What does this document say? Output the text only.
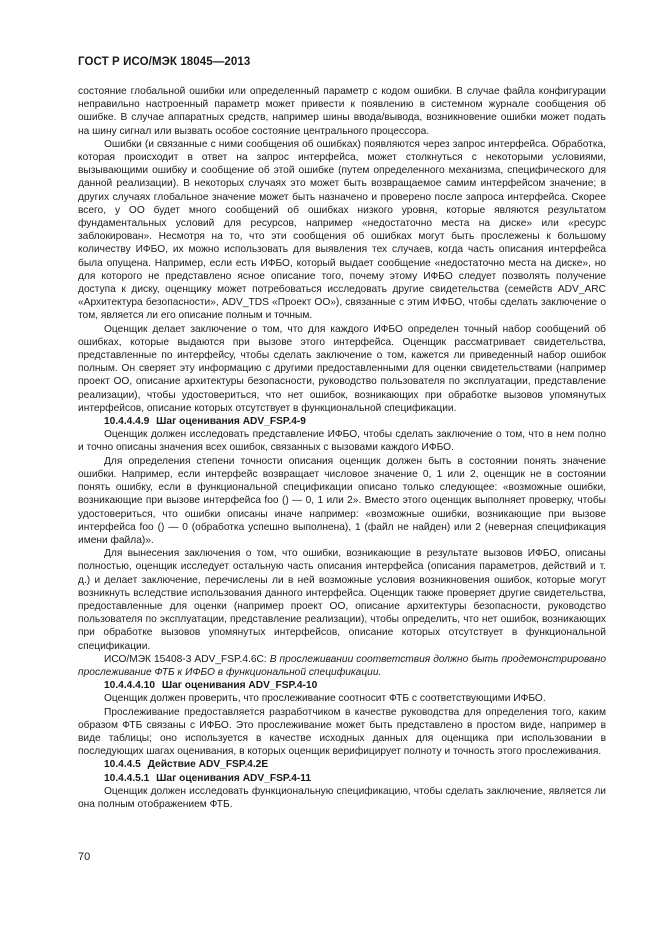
ГОСТ Р ИСО/МЭК 18045—2013

состояние глобальной ошибки или определенный параметр с кодом ошибки. В случае файла конфигурации неправильно настроенный параметр может привести к появлению в системном журнале сообщения об ошибке. В случае аппаратных средств, например шины ввода/вывода, возникновение ошибки может подать на шину сигнал или вызвать особое состояние центрального процессора.

Ошибки (и связанные с ними сообщения об ошибках) появляются через запрос интерфейса. Обработка, которая происходит в ответ на запрос интерфейса, может столкнуться с некоторыми условиями, вызывающими ошибку и сообщение об этой ошибке (путем определенного механизма, специфического для данной реализации). В некоторых случаях это может быть возвращаемое самим интерфейсом значение; в других случаях глобальное значение может быть назначено и проверено после запроса интерфейса. Скорее всего, у ОО будет много сообщений об ошибках низкого уровня, которые являются результатом фундаментальных условий для ресурсов, например «недостаточно места на диске» или «ресурс заблокирован». Несмотря на то, что эти сообщения об ошибках могут быть прослежены к большому количеству ИФБО, их можно использовать для выявления тех случаев, когда часть описания интерфейса была опущена. Например, если есть ИФБО, который выдает сообщение «недостаточно места на диске», но для которого не представлено ясное описание того, почему этому ИФБО следует позволять получение доступа к диску, оценщику может потребоваться исследовать другие свидетельства (семейств ADV_ARC «Архитектура безопасности», ADV_TDS «Проект ОО»), связанные с этим ИФБО, чтобы сделать заключение о том, является ли его описание полным и точным.

Оценщик делает заключение о том, что для каждого ИФБО определен точный набор сообщений об ошибках, которые выдаются при вызове этого интерфейса. Оценщик рассматривает свидетельства, представленные по интерфейсу, чтобы сделать заключение о том, кажется ли приведенный набор ошибок полным. Он сверяет эту информацию с другими предоставленными для оценки свидетельствами (например проект ОО, описание архитектуры безопасности, руководство пользователя по эксплуатации, представление реализации), чтобы удостовериться, что нет ошибок, возникающих при обработке вызовов упомянутых интерфейсов, описание которых отсутствует в функциональной спецификации.

10.4.4.4.9 Шаг оценивания ADV_FSP.4-9

Оценщик должен исследовать представление ИФБО, чтобы сделать заключение о том, что в нем полно и точно описаны значения всех ошибок, связанных с вызовами каждого ИФБО.

Для определения степени точности описания оценщик должен быть в состоянии понять значение ошибки. Например, если интерфейс возвращает числовое значение 0, 1 или 2, оценщик не в состоянии понять ошибку, если в функциональной спецификации описано только следующее: «возможные ошибки, возникающие при вызове интерфейса foo () — 0, 1 или 2». Вместо этого оценщик выполняет проверку, чтобы удостовериться, что ошибки описаны иначе например: «возможные ошибки, возникающие при вызове интерфейса foo () — 0 (обработка успешно выполнена), 1 (файл не найден) или 2 (неверная спецификация имени файла)».

Для вынесения заключения о том, что ошибки, возникающие в результате вызовов ИФБО, описаны полностью, оценщик исследует остальную часть описания интерфейса (описания параметров, действий и т. д.) и делает заключение, перечислены ли в ней возможные условия возникновения ошибок, которые могут возникнуть вследствие использования данного интерфейса. Оценщик также проверяет другие свидетельства, предоставленные для оценки (например проект ОО, описание архитектуры безопасности, руководство пользователя по эксплуатации, представление реализации), чтобы определить, что нет ошибок, возникающих при обработке вызовов упомянутых интерфейсов, описание которых отсутствует в функциональной спецификации.

ИСО/МЭК 15408-3 ADV_FSP.4.6C: В прослеживании соответствия должно быть продемонстрировано прослеживание ФТБ к ИФБО в функциональной спецификации.

10.4.4.4.10 Шаг оценивания ADV_FSP.4-10

Оценщик должен проверить, что прослеживание соотносит ФТБ с соответствующими ИФБО.

Прослеживание предоставляется разработчиком в качестве руководства для определения того, каким образом ФТБ связаны с ИФБО. Это прослеживание может быть представлено в простом виде, например в виде таблицы; оно используется в качестве исходных данных для оценщика при использовании в последующих шагах оценивания, в которых оценщик верифицирует полноту и точность этого прослеживания.

10.4.4.5 Действие ADV_FSP.4.2E

10.4.4.5.1 Шаг оценивания ADV_FSP.4-11

Оценщик должен исследовать функциональную спецификацию, чтобы сделать заключение, является ли она полным отображением ФТБ.

70
